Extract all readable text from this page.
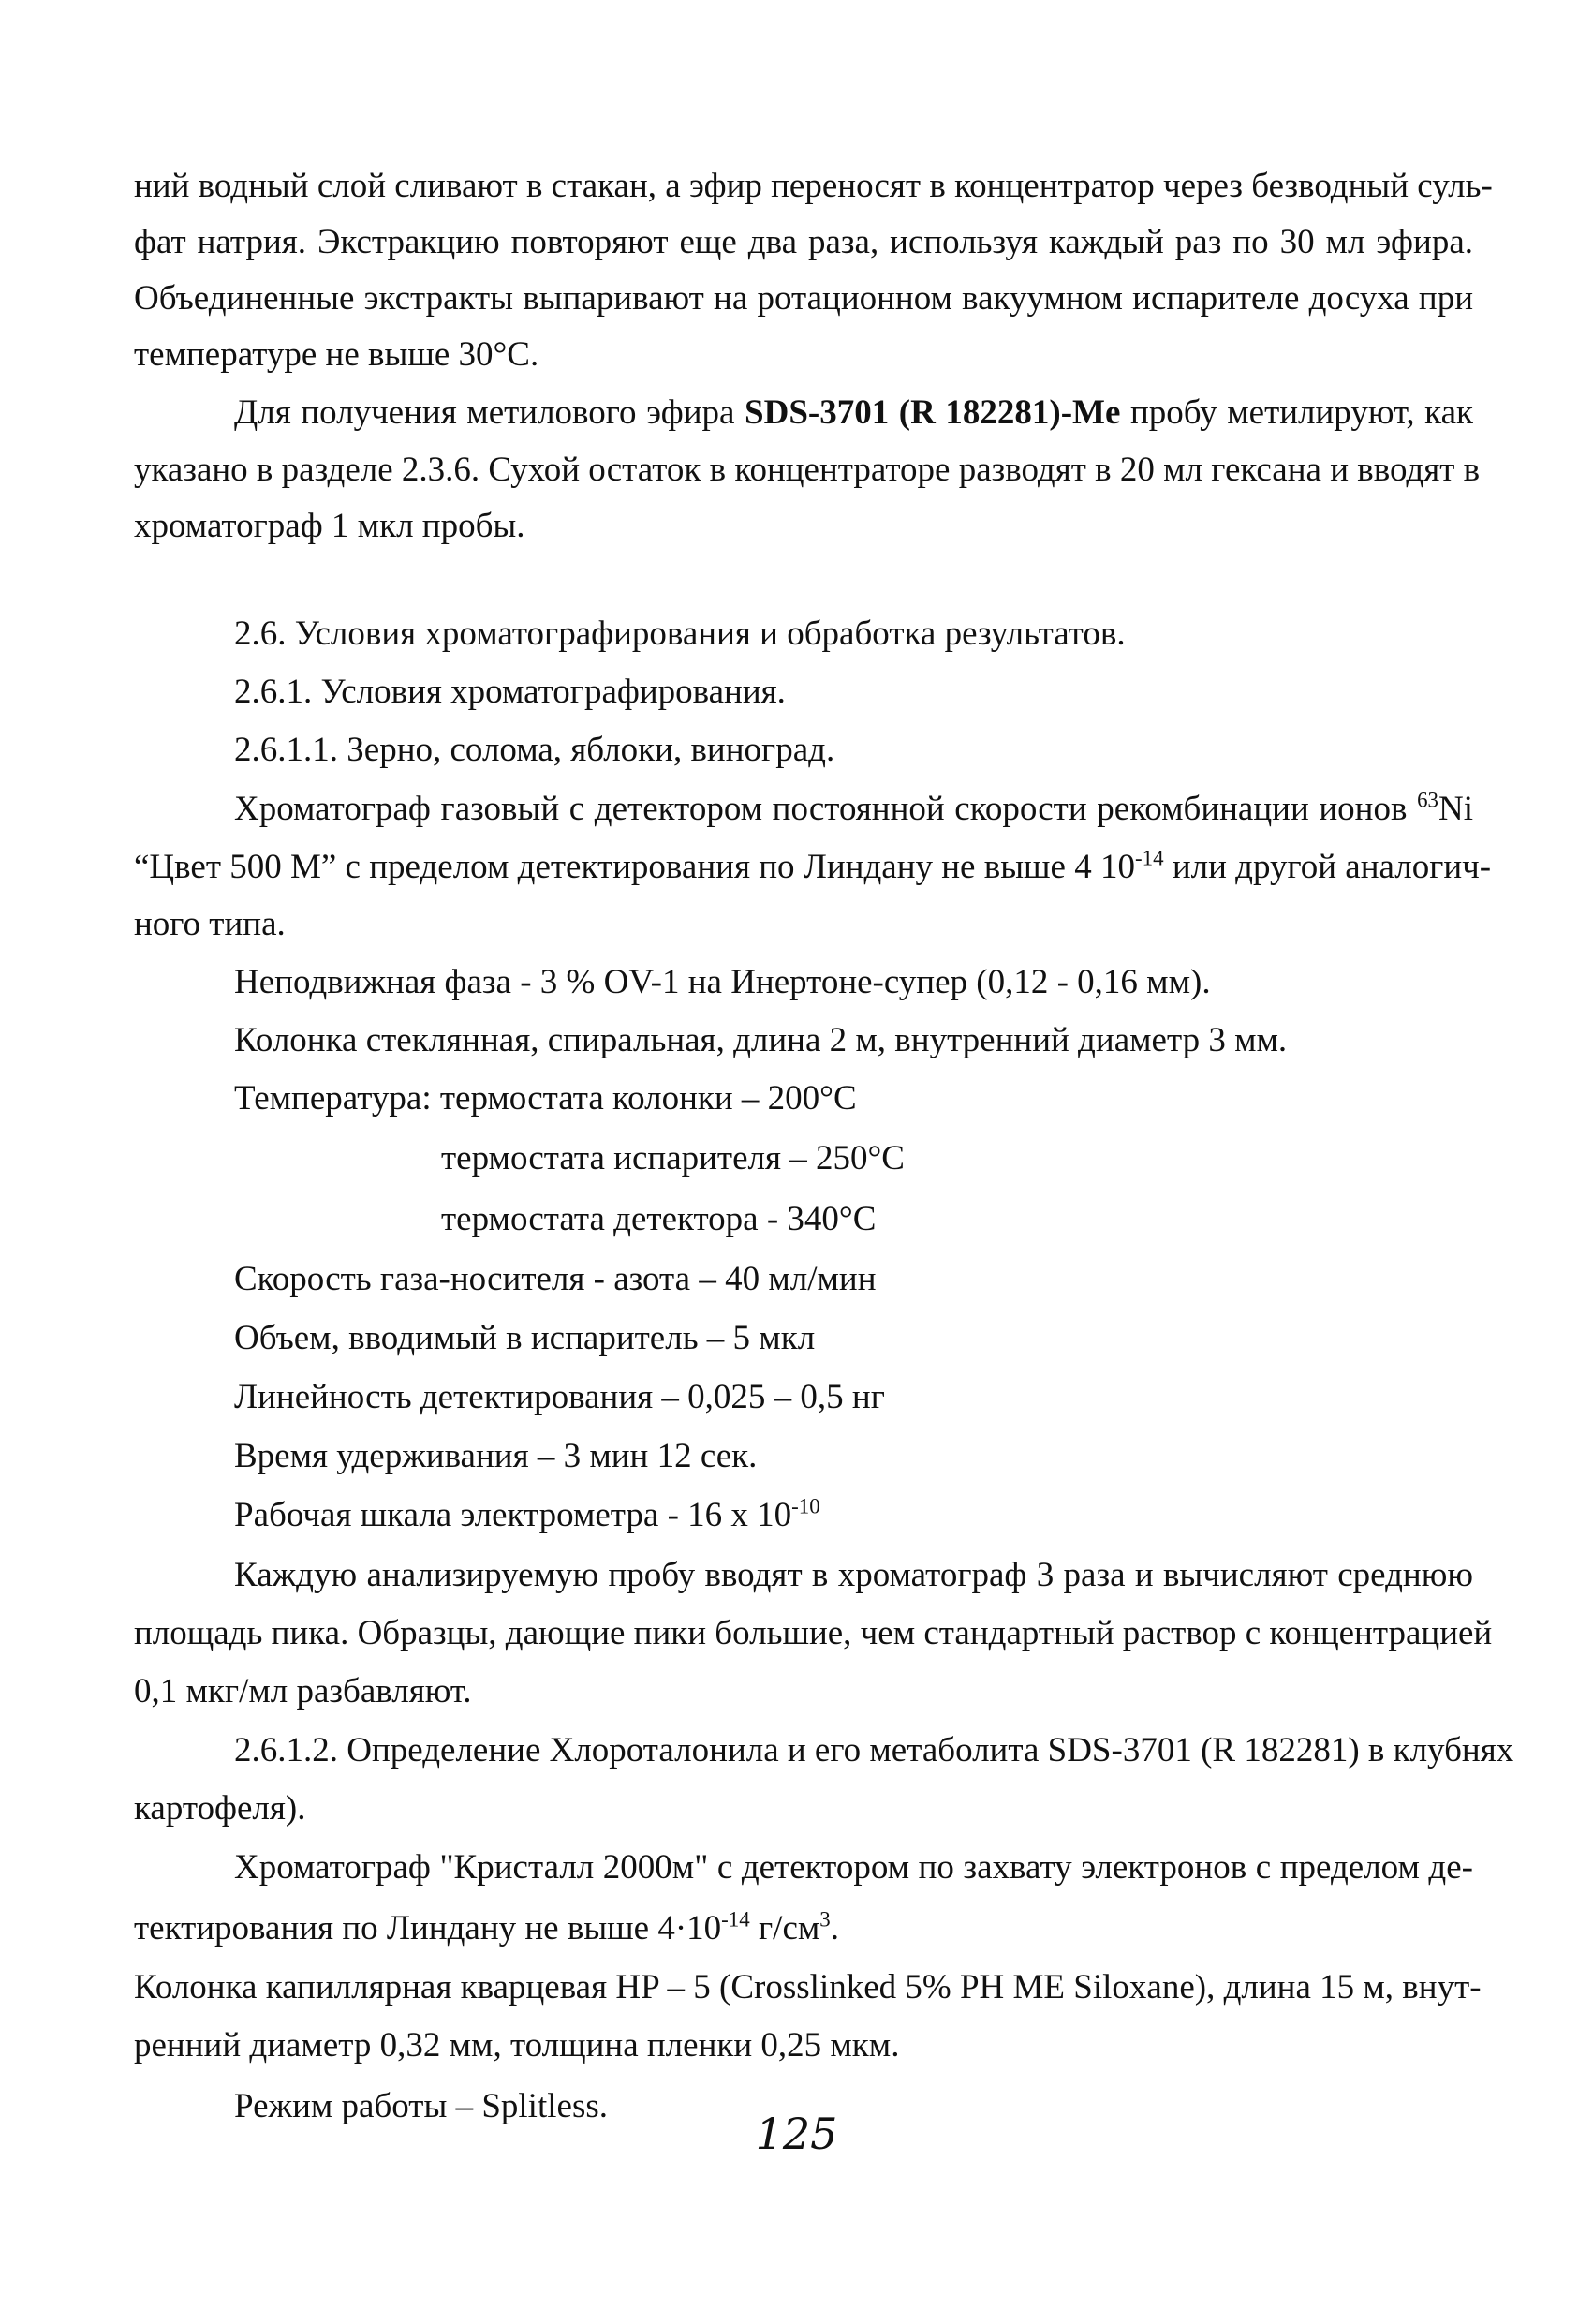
ний водный слой сливают в стакан, а эфир переносят в концентратор через безводный суль-
фат натрия. Экстракцию повторяют еще два раза, используя каждый раз по 30 мл эфира.
Объединенные экстракты выпаривают на ротационном вакуумном испарителе досуха при
температуре не выше 30°С.
Для получения метилового эфира SDS-3701 (R 182281)-Me пробу метилируют, как
указано в разделе 2.3.6. Сухой остаток в концентраторе разводят в 20 мл гексана и вводят в
хроматограф 1 мкл пробы.
2.6. Условия хроматографирования и обработка результатов.
2.6.1. Условия хроматографирования.
2.6.1.1. Зерно, солома, яблоки, виноград.
Хроматограф газовый с детектором постоянной скорости рекомбинации ионов $^{63}$Ni
“Цвет 500 М” с пределом детектирования по Линдану не выше 4 $10^{-14}$ или другой аналогич-
ного типа.
Неподвижная фаза - 3 % OV-1 на Инертоне-супер (0,12 - 0,16 мм).
Колонка стеклянная, спиральная, длина 2 м, внутренний диаметр 3 мм.
Температура: термостата колонки – 200°С
термостата испарителя – 250°С
термостата детектора - 340°С
Скорость газа-носителя - азота – 40 мл/мин
Объем, вводимый в испаритель – 5 мкл
Линейность детектирования – 0,025 – 0,5 нг
Время удерживания – 3 мин 12 сек.
Рабочая шкала электрометра - 16 х $10^{-10}$
Каждую анализируемую пробу вводят в хроматограф 3 раза и вычисляют среднюю
площадь пика. Образцы, дающие пики большие, чем стандартный раствор с концентрацией
0,1 мкг/мл разбавляют.
2.6.1.2. Определение Хлороталонила и его метаболита SDS-3701 (R 182281) в клубнях
картофеля).
Хроматограф "Кристалл 2000м" с детектором по захвату электронов с пределом де-
тектирования по Линдану не выше $4\cdot 10^{-14}$ $г/см^3$.
Колонка капиллярная кварцевая HP – 5 (Crosslinked 5% PH ME Siloxane), длина 15 м, внут-
ренний диаметр 0,32 мм, толщина пленки 0,25 мкм.
Режим работы – Splitless.
125
